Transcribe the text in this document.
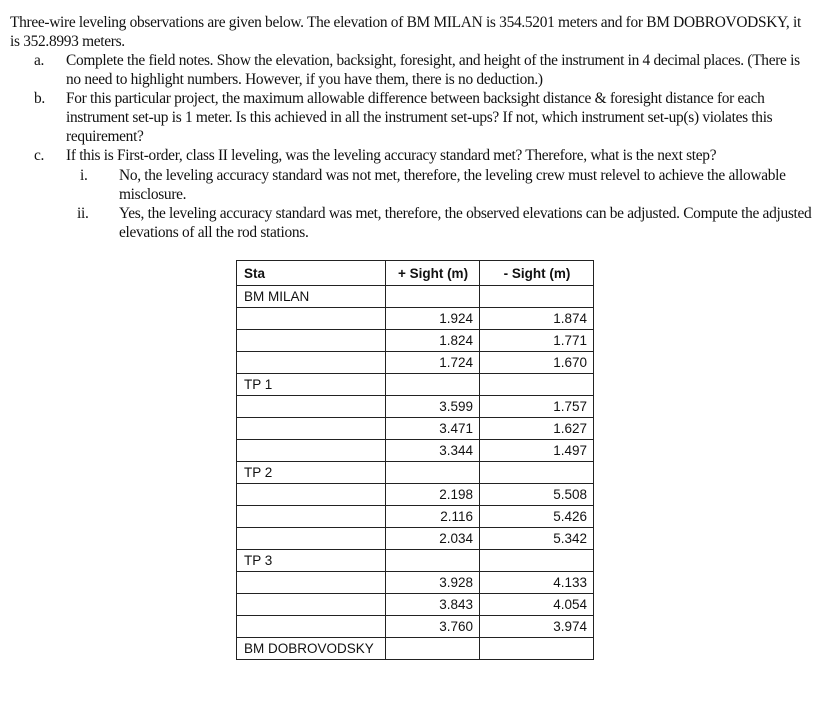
Three-wire leveling observations are given below. The elevation of BM MILAN is 354.5201 meters and for BM DOBROVODSKY, it is 352.8993 meters.
a. Complete the field notes. Show the elevation, backsight, foresight, and height of the instrument in 4 decimal places. (There is no need to highlight numbers. However, if you have them, there is no deduction.)
b. For this particular project, the maximum allowable difference between backsight distance & foresight distance for each instrument set-up is 1 meter. Is this achieved in all the instrument set-ups? If not, which instrument set-up(s) violates this requirement?
c. If this is First-order, class II leveling, was the leveling accuracy standard met? Therefore, what is the next step?
i. No, the leveling accuracy standard was not met, therefore, the leveling crew must relevel to achieve the allowable misclosure.
ii. Yes, the leveling accuracy standard was met, therefore, the observed elevations can be adjusted. Compute the adjusted elevations of all the rod stations.
Sta	+ Sight (m)	- Sight (m)
BM MILAN		
	1.924	1.874
	1.824	1.771
	1.724	1.670
TP 1		
	3.599	1.757
	3.471	1.627
	3.344	1.497
TP 2		
	2.198	5.508
	2.116	5.426
	2.034	5.342
TP 3		
	3.928	4.133
	3.843	4.054
	3.760	3.974
BM DOBROVODSKY		
